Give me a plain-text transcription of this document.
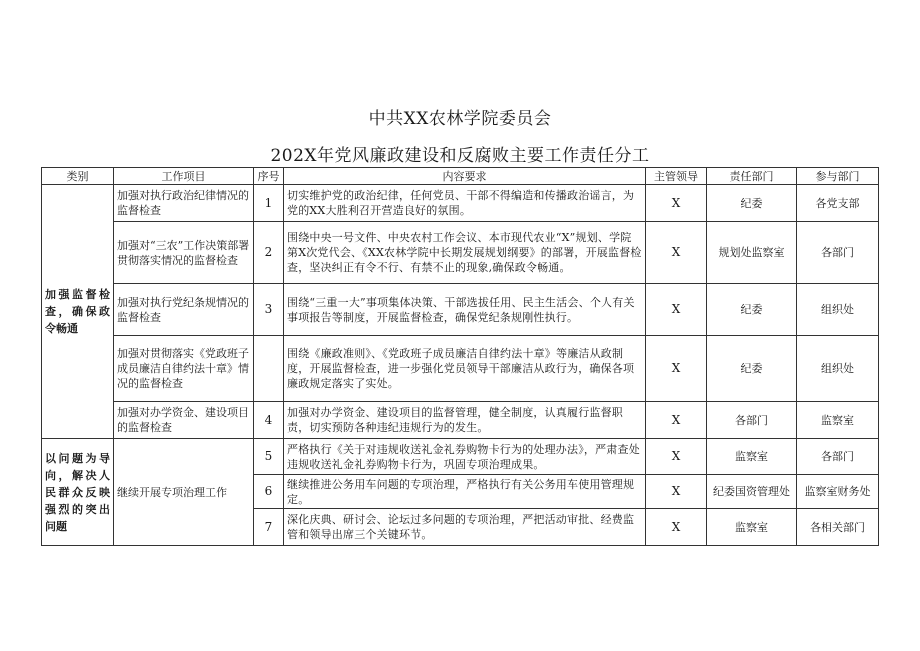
中共XX农林学院委员会
202X年党风廉政建设和反腐败主要工作责任分工
类别	工作项目	序号	内容要求	主管领导	责任部门	参与部门
加强监督检查，确保政令畅通	加强对执行政治纪律情况的监督检查	1	切实维护党的政治纪律，任何党员、干部不得编造和传播政治谣言，为党的XX大胜利召开营造良好的氛围。	X	纪委	各党支部
	加强对“三农”工作决策部署贯彻落实情况的监督检查	2	围绕中央一号文件、中央农村工作会议、本市现代农业“X”规划、学院第X次党代会、《XX农林学院中长期发展规划纲要》的部署，开展监督检查，坚决纠正有令不行、有禁不止的现象,确保政令畅通。	X	规划处监察室	各部门
	加强对执行党纪条规情况的监督检查	3	围绕“三重一大”事项集体决策、干部选拔任用、民主生活会、个人有关事项报告等制度，开展监督检查，确保党纪条规刚性执行。	X	纪委	组织处
	加强对贯彻落实《党政班子成员廉洁自律约法十章》情况的监督检查		围绕《廉政准则》、《党政班子成员廉洁自律约法十章》等廉洁从政制度，开展监督检查，进一步强化党员领导干部廉洁从政行为，确保各项廉政规定落实了实处。	X	纪委	组织处
	加强对办学资金、建设项目的监督检查	4	加强对办学资金、建设项目的监督管理，健全制度，认真履行监督职责，切实预防各种违纪违规行为的发生。	X	各部门	监察室
以问题为导向，解决人民群众反映强烈的突出问题	继续开展专项治理工作	5	严格执行《关于对违规收送礼金礼券购物卡行为的处理办法》，严肃查处违规收送礼金礼券购物卡行为，巩固专项治理成果。	X	监察室	各部门
		6	继续推进公务用车问题的专项治理，严格执行有关公务用车使用管理规定。	X	纪委国资管理处	监察室财务处
		7	深化庆典、研讨会、论坛过多问题的专项治理，严把活动审批、经费监管和领导出席三个关键环节。	X	监察室	各相关部门
